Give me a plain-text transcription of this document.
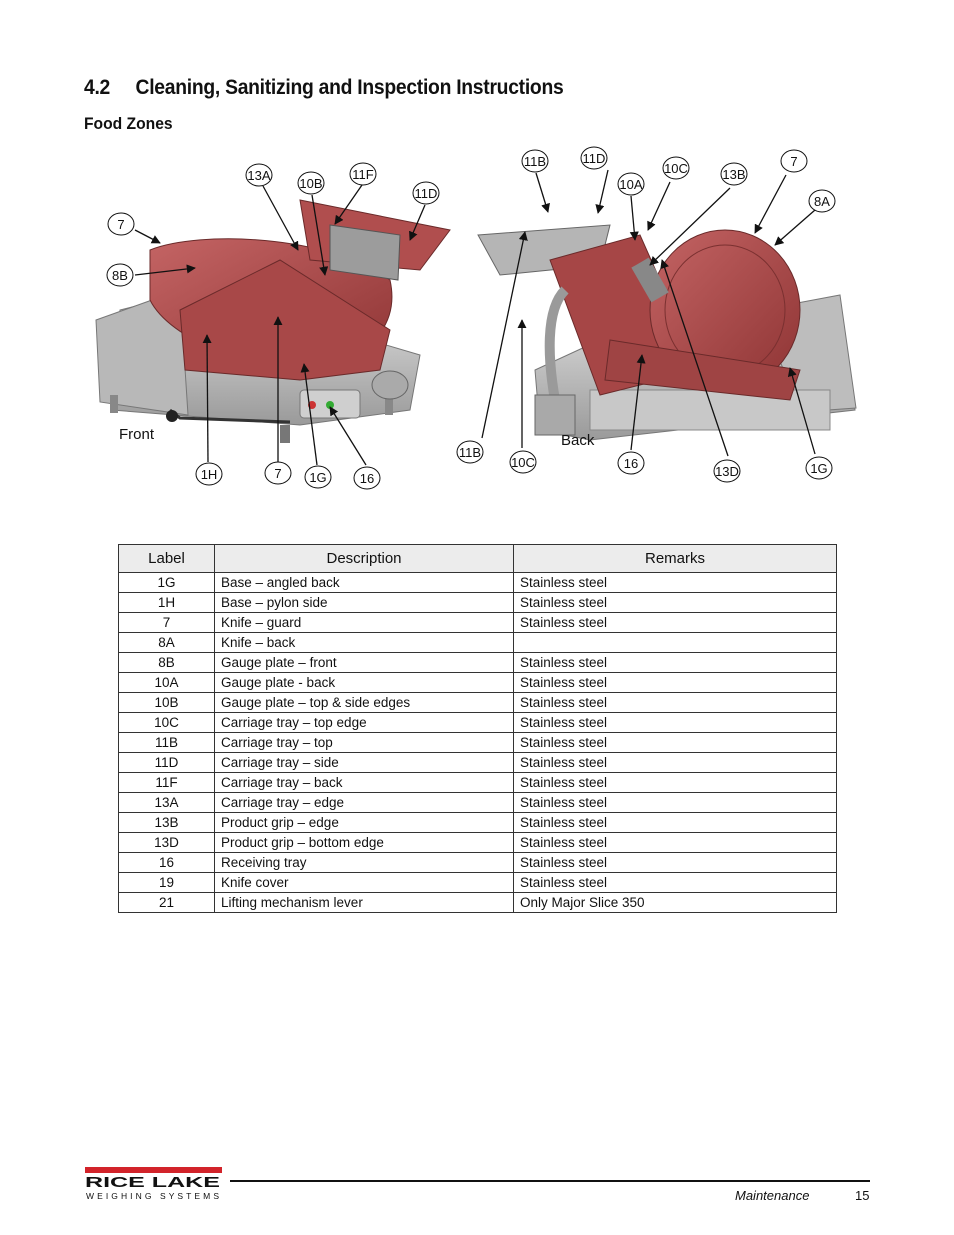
4.2 Cleaning, Sanitizing and Inspection Instructions
Food Zones
13A
10B
11F
11D
7
8B
1H	7 1G	16
11B	11D
10C
10A
13B
7
8A
11B
10C	16
13D	1G
Front	Back
Label	Description	Remarks
1G	Base – angled back	Stainless steel
1H	Base – pylon side	Stainless steel
7	Knife – guard	Stainless steel
8A	Knife – back	
8B	Gauge plate – front	Stainless steel
10A	Gauge plate - back	Stainless steel
10B	Gauge plate – top & side edges	Stainless steel
10C	Carriage tray – top edge	Stainless steel
11B	Carriage tray – top	Stainless steel
11D	Carriage tray – side	Stainless steel
11F	Carriage tray – back	Stainless steel
13A	Carriage tray – edge	Stainless steel
13B	Product grip – edge	Stainless steel
13D	Product grip – bottom edge	Stainless steel
16	Receiving tray	Stainless steel
19	Knife cover	Stainless steel
21	Lifting mechanism lever	Only Major Slice 350
RICE LAKE
WEIGHING SYSTEMS	Maintenance	15
